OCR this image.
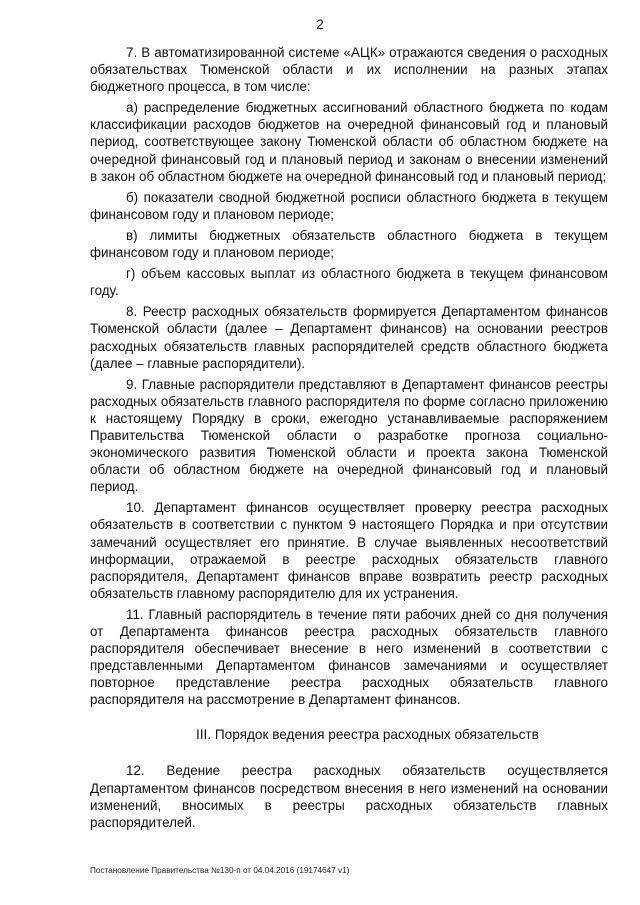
2

7. В автоматизированной системе «АЦК» отражаются сведения о расходных обязательствах Тюменской области и их исполнении на разных этапах бюджетного процесса, в том числе:

а) распределение бюджетных ассигнований областного бюджета по кодам классификации расходов бюджетов на очередной финансовый год и плановый период, соответствующее закону Тюменской области об областном бюджете на очередной финансовый год и плановый период и законам о внесении изменений в закон об областном бюджете на очередной финансовый год и плановый период;

б) показатели сводной бюджетной росписи областного бюджета в текущем финансовом году и плановом периоде;

в) лимиты бюджетных обязательств областного бюджета в текущем финансовом году и плановом периоде;

г) объем кассовых выплат из областного бюджета в текущем финансовом году.

8. Реестр расходных обязательств формируется Департаментом финансов Тюменской области (далее – Департамент финансов) на основании реестров расходных обязательств главных распорядителей средств областного бюджета (далее – главные распорядители).

9. Главные распорядители представляют в Департамент финансов реестры расходных обязательств главного распорядителя по форме согласно приложению к настоящему Порядку в сроки, ежегодно устанавливаемые распоряжением Правительства Тюменской области о разработке прогноза социально-экономического развития Тюменской области и проекта закона Тюменской области об областном бюджете на очередной финансовый год и плановый период.

10. Департамент финансов осуществляет проверку реестра расходных обязательств в соответствии с пунктом 9 настоящего Порядка и при отсутствии замечаний осуществляет его принятие. В случае выявленных несоответствий информации, отражаемой в реестре расходных обязательств главного распорядителя, Департамент финансов вправе возвратить реестр расходных обязательств главному распорядителю для их устранения.

11. Главный распорядитель в течение пяти рабочих дней со дня получения от Департамента финансов реестра расходных обязательств главного распорядителя обеспечивает внесение в него изменений в соответствии с представленными Департаментом финансов замечаниями и осуществляет повторное представление реестра расходных обязательств главного распорядителя на рассмотрение в Департамент финансов.

III. Порядок ведения реестра расходных обязательств

12. Ведение реестра расходных обязательств осуществляется Департаментом финансов посредством внесения в него изменений на основании изменений, вносимых в реестры расходных обязательств главных распорядителей.

Постановление Правительства №130-п от 04.04.2016 (19174647 v1)
